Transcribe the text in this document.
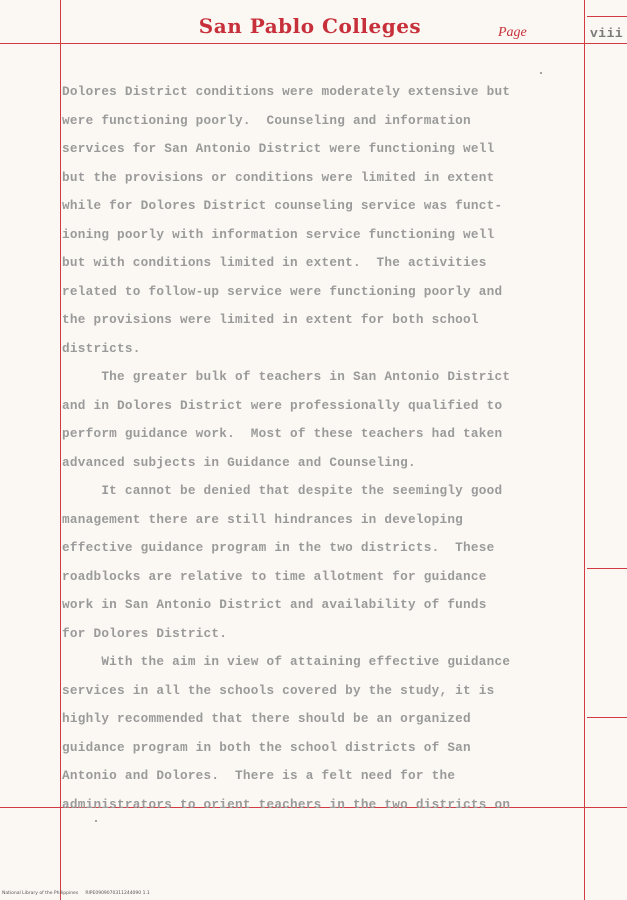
San Pablo Colleges	Page	viii
Dolores District conditions were moderately extensive but
were functioning poorly.  Counseling and information
services for San Antonio District were functioning well
but the provisions or conditions were limited in extent
while for Dolores District counseling service was funct-
ioning poorly with information service functioning well
but with conditions limited in extent.  The activities
related to follow-up service were functioning poorly and
the provisions were limited in extent for both school
districts.
The greater bulk of teachers in San Antonio District
and in Dolores District were professionally qualified to
perform guidance work.  Most of these teachers had taken
advanced subjects in Guidance and Counseling.
It cannot be denied that despite the seemingly good
management there are still hindrances in developing
effective guidance program in the two districts.  These
roadblocks are relative to time allotment for guidance
work in San Antonio District and availability of funds
for Dolores District.
With the aim in view of attaining effective guidance
services in all the schools covered by the study, it is
highly recommended that there should be an organized
guidance program in both the school districts of San
Antonio and Dolores.  There is a felt need for the
administrators to orient teachers in the two districts on
National Library of the Philippines     RIPE0909070311244090 1.1
